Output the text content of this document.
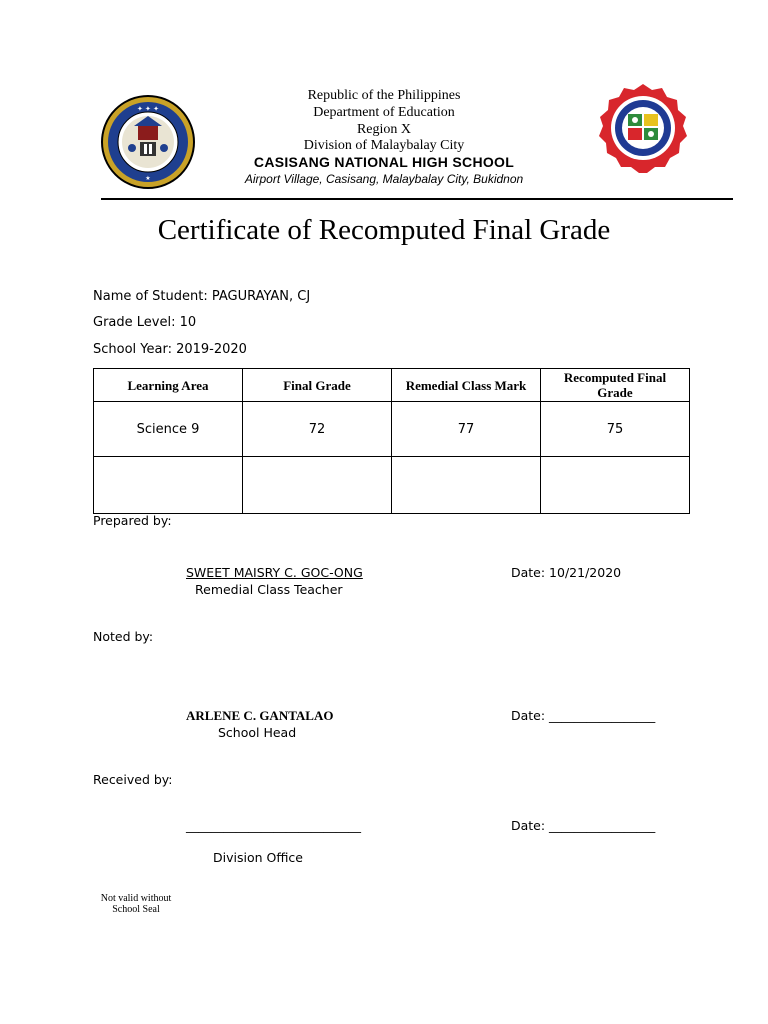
✦ ✦ ✦
★
Republic of the Philippines
Department of Education
Region X
Division of Malaybalay City
CASISANG NATIONAL HIGH SCHOOL
Airport Village, Casisang, Malaybalay City, Bukidnon
Certificate of Recomputed Final Grade
Name of Student: PAGURAYAN, CJ
Grade Level: 10
School Year: 2019-2020
Learning Area	Final Grade	Remedial Class Mark	Recomputed Final Grade
Science 9	72	77	75

Prepared by:
SWEET MAISRY C. GOC-ONG
Remedial Class Teacher
Date: 10/21/2020
Noted by:
ARLENE C. GANTALAO
School Head
Date: _________________
Received by:
____________________________	Date: _________________
Division Office
Not valid without
School Seal
